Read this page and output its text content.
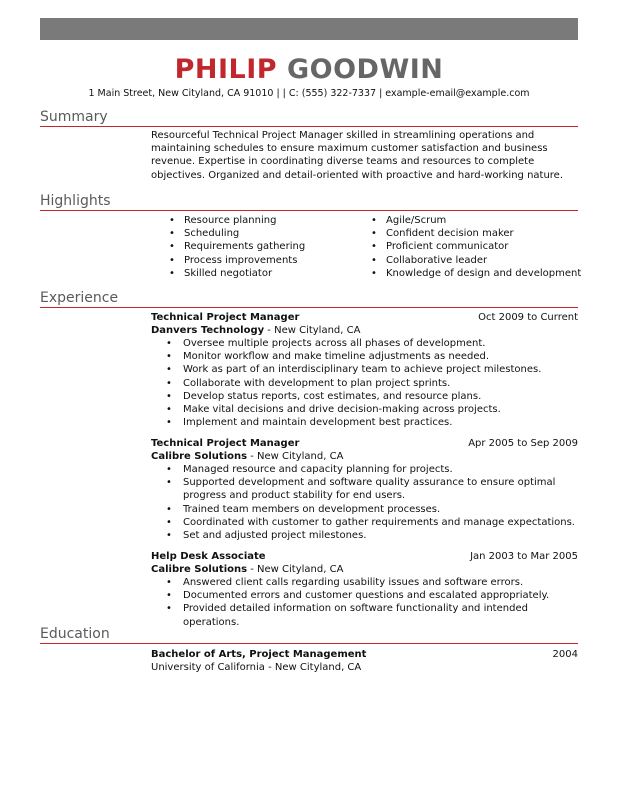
PHILIP GOODWIN
1 Main Street, New Cityland, CA 91010 | | C: (555) 322-7337 | example-email@example.com
Summary
Resourceful Technical Project Manager skilled in streamlining operations and maintaining schedules to ensure maximum customer satisfaction and business revenue. Expertise in coordinating diverse teams and resources to complete objectives. Organized and detail-oriented with proactive and hard-working nature.
Highlights
• Resource planning
• Scheduling
• Requirements gathering
• Process improvements
• Skilled negotiator
• Agile/Scrum
• Confident decision maker
• Proficient communicator
• Collaborative leader
• Knowledge of design and development
Experience
Technical Project Manager	Oct 2009 to Current
Danvers Technology - New Cityland, CA
• Oversee multiple projects across all phases of development.
• Monitor workflow and make timeline adjustments as needed.
• Work as part of an interdisciplinary team to achieve project milestones.
• Collaborate with development to plan project sprints.
• Develop status reports, cost estimates, and resource plans.
• Make vital decisions and drive decision-making across projects.
• Implement and maintain development best practices.
Technical Project Manager	Apr 2005 to Sep 2009
Calibre Solutions - New Cityland, CA
• Managed resource and capacity planning for projects.
• Supported development and software quality assurance to ensure optimal progress and product stability for end users.
• Trained team members on development processes.
• Coordinated with customer to gather requirements and manage expectations.
• Set and adjusted project milestones.
Help Desk Associate	Jan 2003 to Mar 2005
Calibre Solutions - New Cityland, CA
• Answered client calls regarding usability issues and software errors.
• Documented errors and customer questions and escalated appropriately.
• Provided detailed information on software functionality and intended operations.
Education
Bachelor of Arts, Project Management	2004
University of California - New Cityland, CA
